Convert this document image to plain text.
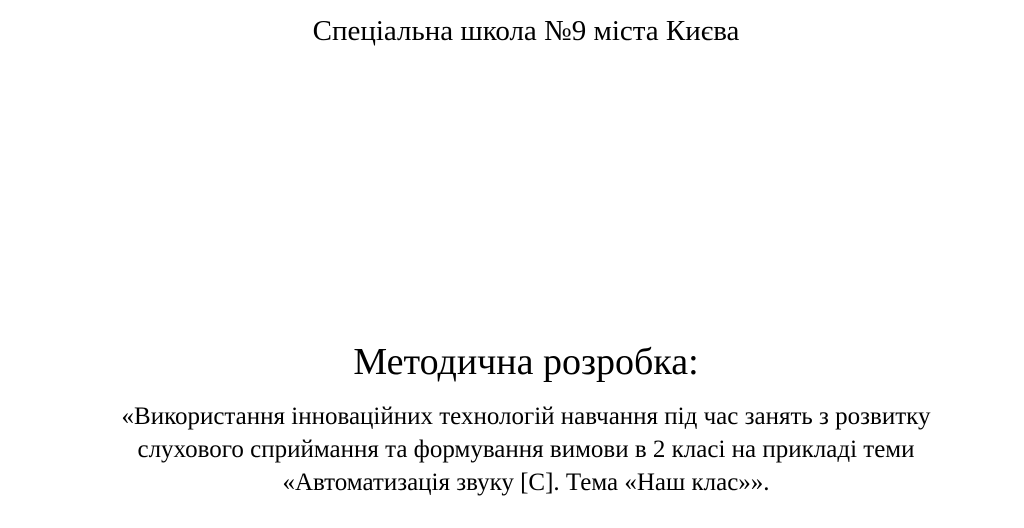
Спеціальна школа №9 міста Києва
Методична розробка:
«Використання інноваційних технологій навчання під час занять з розвитку
слухового сприймання та формування вимови в 2 класі на прикладі теми
«Автоматизація звуку [С]. Тема «Наш клас»».
